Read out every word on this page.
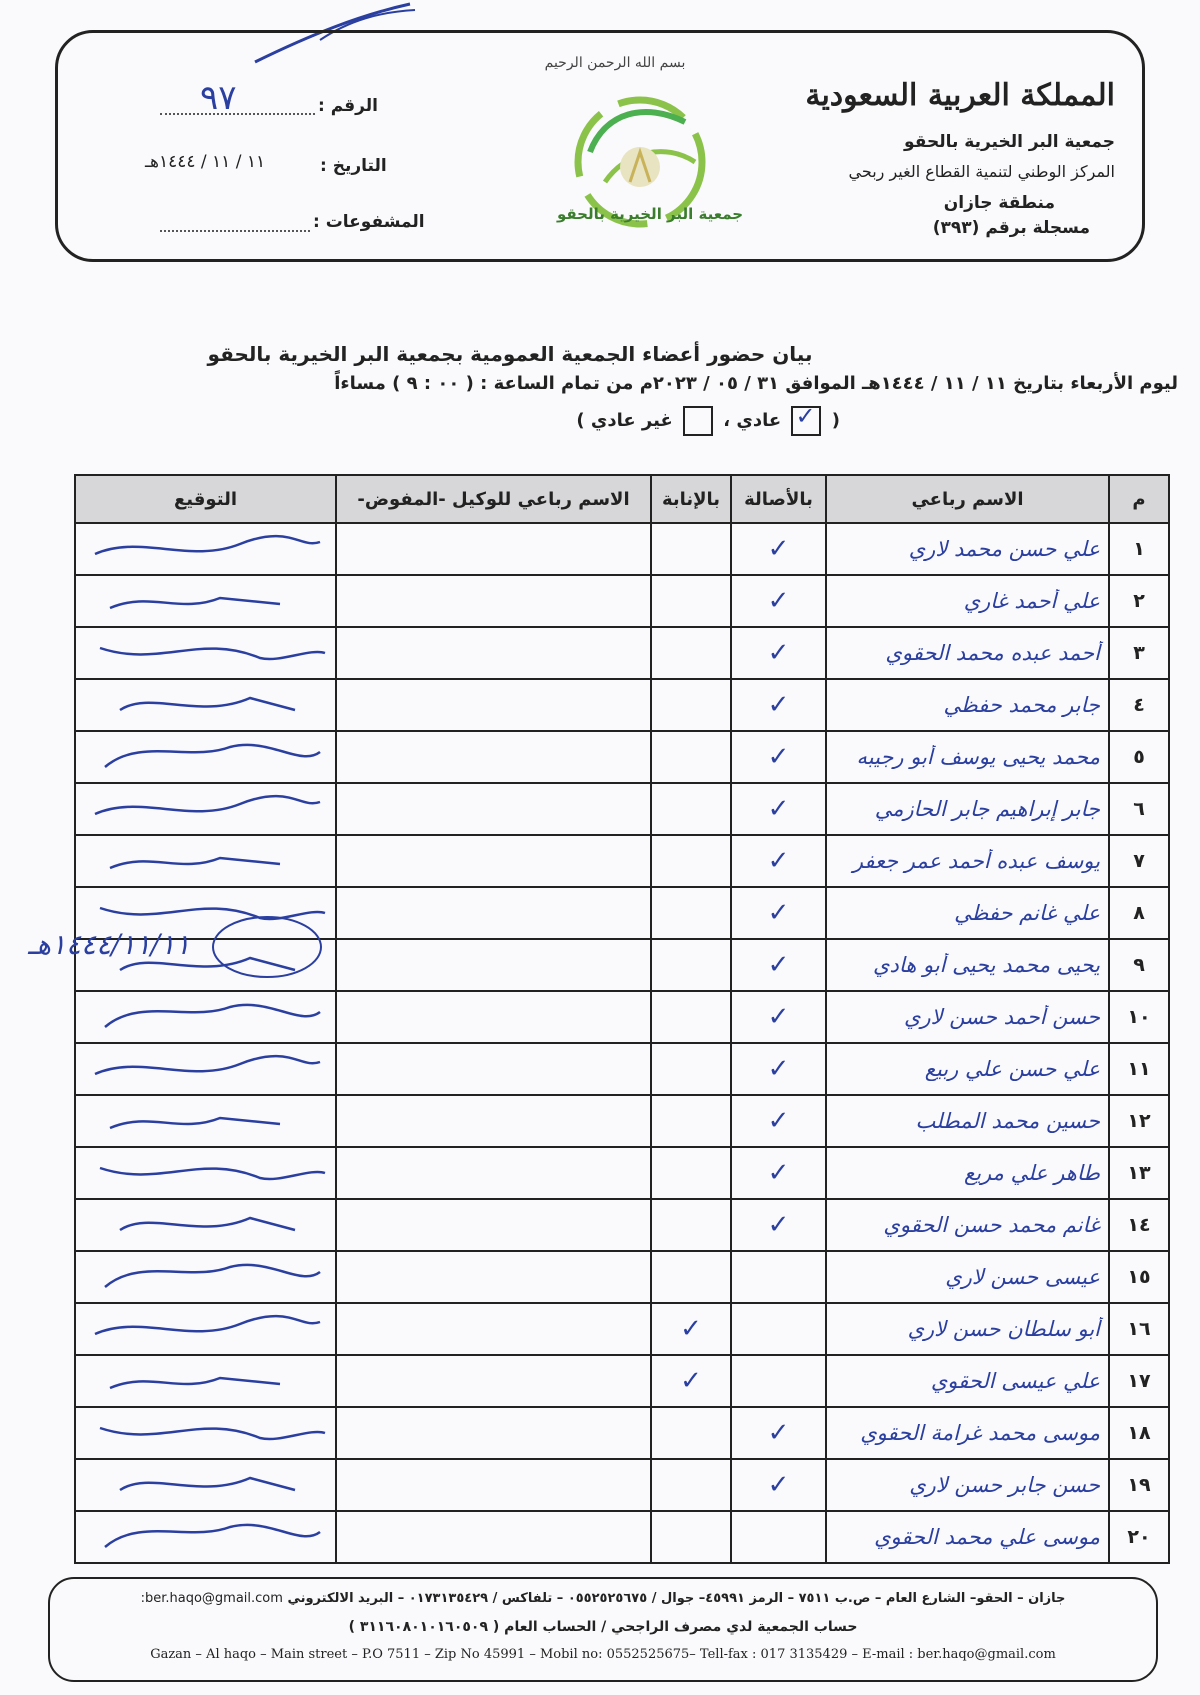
المملكة العربية السعودية
جمعية البر الخيرية بالحقو
المركز الوطني لتنمية القطاع الغير ربحي
منطقة جازان
مسجلة برقم (٣٩٣)
بسم الله الرحمن الرحيم
جمعية البر الخيرية بالحقو
الرقم :
٩٧
التاريخ :
١١ / ١١ / ١٤٤٤هـ
المشفوعات :
بيان حضور أعضاء الجمعية العمومية بجمعية البر الخيرية بالحقو
ليوم الأربعاء بتاريخ ١١ / ١١ / ١٤٤٤هـ الموافق ٣١ / ٠٥ / ٢٠٢٣م من تمام الساعة : ( ٠٠ : ٩ ) مساءاً
(
✓
عادي ،  غير عادي )
م	الاسم رباعي	بالأصالة	بالإنابة	الاسم رباعي للوكيل -المفوض-	التوقيع
١	علي حسن محمد لاري	✓

٢	علي أحمد غاري	✓

٣	أحمد عبده محمد الحقوي	✓

٤	جابر محمد حفظي	✓

٥	محمد يحيى يوسف أبو رجيبه	✓

٦	جابر إبراهيم جابر الحازمي	✓

٧	يوسف عبده أحمد عمر جعفر	✓

٨	علي غانم حفظي	✓

٩	يحيى محمد يحيى أبو هادي	✓

١٠	حسن أحمد حسن لاري	✓

١١	علي حسن علي ربيع	✓

١٢	حسين محمد المطلب	✓

١٣	طاهر علي مريع	✓

١٤	غانم محمد حسن الحقوي	✓

١٥	عيسى حسن لاري

١٦	أبو سلطان حسن لاري		✓

١٧	علي عيسى الحقوي		✓

١٨	موسى محمد غرامة الحقوي	✓

١٩	حسن جابر حسن لاري	✓

٢٠	موسى علي محمد الحقوي

١٤٤٤/١١/١١هـ
جازان – الحقو– الشارع العام – ص.ب ٧٥١١ – الرمز ٤٥٩٩١– جوال / ٠٥٥٢٥٢٥٦٧٥ – تلفاكس / ٠١٧٣١٣٥٤٢٩ – البريد الالكتروني ber.haqo@gmail.com:
حساب الجمعية لدي مصرف الراجحي / الحساب العام ( ٣١١٦٠٨٠١٠١٦٠٥٠٩ )
Gazan – Al haqo – Main street – P.O 7511 – Zip No 45991 – Mobil no: 0552525675– Tell-fax : 017 3135429 – E-mail : ber.haqo@gmail.com
